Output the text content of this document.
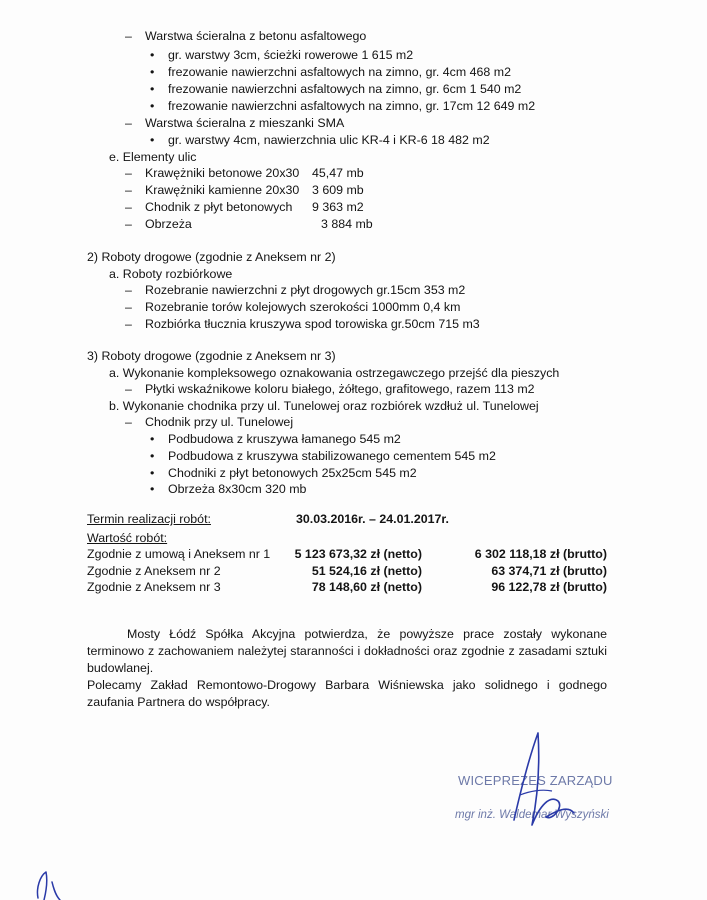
– Warstwa ścieralna z betonu asfaltowego
• gr. warstwy 3cm, ścieżki rowerowe 1 615 m2
• frezowanie nawierzchni asfaltowych na zimno, gr. 4cm 468 m2
• frezowanie nawierzchni asfaltowych na zimno, gr. 6cm 1 540 m2
• frezowanie nawierzchni asfaltowych na zimno, gr. 17cm 12 649 m2
– Warstwa ścieralna z mieszanki SMA
• gr. warstwy 4cm, nawierzchnia ulic KR-4 i KR-6 18 482 m2
e. Elementy ulic
– Krawężniki betonowe 20x30 45,47 mb
– Krawężniki kamienne 20x30 3 609 mb
– Chodnik z płyt betonowych 9 363 m2
– Obrzeża	3 884 mb
2) Roboty drogowe (zgodnie z Aneksem nr 2)
a. Roboty rozbiórkowe
– Rozebranie nawierzchni z płyt drogowych gr.15cm 353 m2
– Rozebranie torów kolejowych szerokości 1000mm 0,4 km
– Rozbiórka tłucznia kruszywa spod torowiska gr.50cm 715 m3
3) Roboty drogowe (zgodnie z Aneksem nr 3)
a. Wykonanie kompleksowego oznakowania ostrzegawczego przejść dla pieszych
– Płytki wskaźnikowe koloru białego, żółtego, grafitowego, razem 113 m2
b. Wykonanie chodnika przy ul. Tunelowej oraz rozbiórek wzdłuż ul. Tunelowej
– Chodnik przy ul. Tunelowej
• Podbudowa z kruszywa łamanego 545 m2
• Podbudowa z kruszywa stabilizowanego cementem 545 m2
• Chodniki z płyt betonowych 25x25cm 545 m2
• Obrzeża 8x30cm 320 mb
Termin realizacji robót:	30.03.2016r. – 24.01.2017r.
Wartość robót:
Zgodnie z umową i Aneksem nr 1 5 123 673,32 zł (netto)	6 302 118,18 zł (brutto)
Zgodnie z Aneksem nr 2	51 524,16 zł (netto)	63 374,71 zł (brutto)
Zgodnie z Aneksem nr 3	78 148,60 zł (netto)	96 122,78 zł (brutto)
Mosty Łódź Spółka Akcyjna potwierdza, że powyższe prace zostały wykonane terminowo z zachowaniem należytej staranności i dokładności oraz zgodnie z zasadami sztuki budowlanej.
Polecamy Zakład Remontowo-Drogowy Barbara Wiśniewska jako solidnego i godnego zaufania Partnera do współpracy.
WICEPREZES ZARZĄDU
mgr inż. Waldemar Wyszyński
